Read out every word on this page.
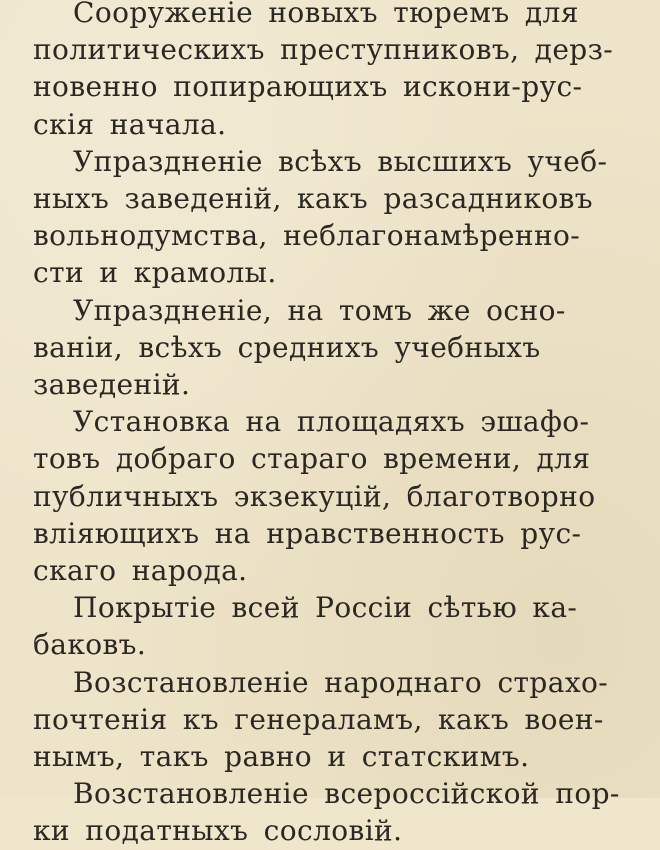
Сооруженіе новыхъ тюремъ для
политическихъ преступниковъ, дерз-
новенно попирающихъ искони-рус-
скія начала.
Упраздненіе всѣхъ высшихъ учеб-
ныхъ заведеній, какъ разсадниковъ
вольнодумства, неблагонамѣренно-
сти и крамолы.
Упраздненіе, на томъ же осно-
ваніи, всѣхъ среднихъ учебныхъ
заведеній.
Установка на площадяхъ эшафо-
товъ добраго стараго времени, для
публичныхъ экзекуцій, благотворно
вліяющихъ на нравственность рус-
скаго народа.
Покрытіе всей Россіи сѣтью ка-
баковъ.
Возстановленіе народнаго страхо-
почтенія къ генераламъ, какъ воен-
нымъ, такъ равно и статскимъ.
Возстановленіе всероссійской пор-
ки податныхъ сословій.
